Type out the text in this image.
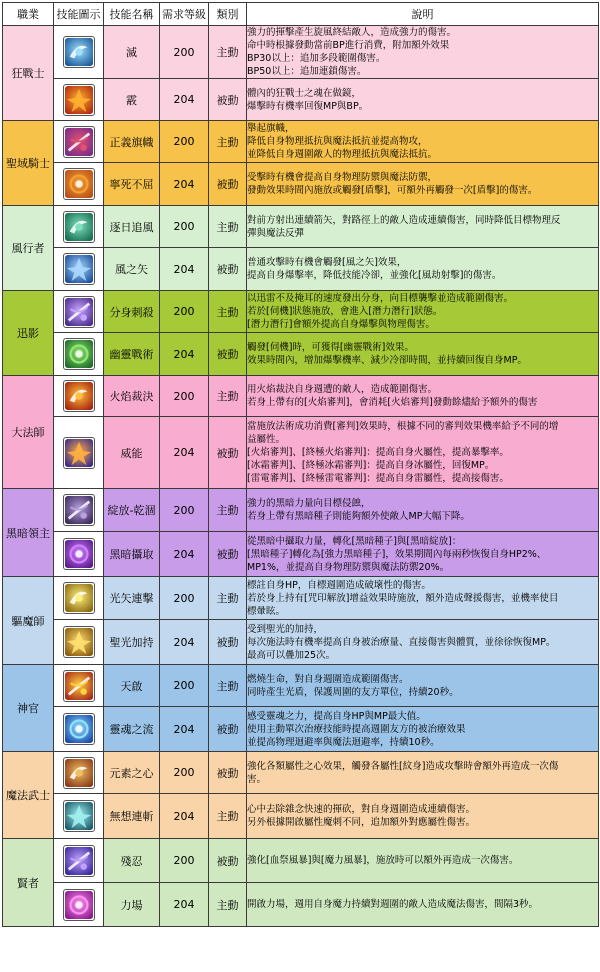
職業	技能圖示	技能名稱	需求等級	類別	說明
狂戰士		滅	200	主動	強力的揮擊產生旋風終結敵人，造成強力的傷害。
命中時根據發動當前BP進行消費，附加額外效果
BP30以上：追加多段範圍傷害。
BP50以上：追加連鎖傷害。

	霰	204	被動	體內的狂戰士之魂在做鏡，
爆擊時有機率回復MP與BP。

聖域騎士		正義旗幟	200	主動	舉起旗幟，
降低自身物理抵抗與魔法抵抗並提高物攻，
並降低自身週圍敵人的物理抵抗與魔法抵抗。

	寧死不屈	204	被動	受擊時有機會提高自身物理防禦與魔法防禦，
發動效果時間內施放或觸發[盾擊]，可額外再觸發一次[盾擊]的傷害。

風行者		逐日追風	200	主動	對前方射出連續箭矢，對路徑上的敵人造成連續傷害，同時降低目標物理反
彈與魔法反彈

	風之矢	204	被動	普通攻擊時有機會觸發[風之矢]效果，
提高自身爆擊率，降低技能冷卻，並強化[風劫射擊]的傷害。

迅影		分身刺殺	200	主動	以迅雷不及掩耳的速度發出分身，向目標襲擊並造成範圍傷害。
若於[伺機]狀態施放，會進入[潛力潛行]狀態。
[潛力潛行]會額外提高自身爆擊與物理傷害。

	幽靈戰術	204	被動	觸發[伺機]時，可獲得[幽靈戰術]效果。
效果時間內，增加爆擊機率、減少冷卻時間，並持續回復自身MP。

大法師		火焰裁決	200	主動	用火焰裁決自身週遭的敵人，造成範圍傷害。
若身上帶有的[火焰審判]，會消耗[火焰審判]發動餘燼給予額外的傷害

	威能	204	被動	當施放法術成功消費[審判]效果時，根據不同的審判效果機率給予不同的增
益屬性。
[火焰審判]、[終極火焰審判]：提高自身火屬性，提高暴擊率。
[冰霜審判]、[終極冰霜審判]：提高自身冰屬性，回復MP。
[雷電審判]、[終極雷電審判]：提高自身雷屬性，提高接傷害。

黑暗領主		綻放-乾涸	200	主動	強力的黑暗力量向目標侵蝕，
若身上帶有黑暗種子則能夠額外使敵人MP大幅下降。

	黑暗攝取	204	被動	從黑暗中攝取力量，轉化[黑暗種子]與[黑暗綻放]：
[黑暗種子]轉化為[強力黑暗種子]，效果期間內每兩秒恢復自身HP2%、
MP1%，並提高自身物理防禦與魔法防禦20%。

驅魔師		光矢連擊	200	主動	標註自身HP，自標週圍造成破壞性的傷害。
若於身上持有[咒印解放]增益效果時施放，額外造成聲援傷害，並機率使目
標暈眩。

	聖光加持	204	被動	受到聖光的加持，
每次施法時有機率提高自身被治療量、直接傷害與體質，並徐徐恢復MP。
最高可以疊加25次。

神官		天啟	200	主動	燃燒生命，對自身週圍造成範圍傷害。
同時產生光盾，保護周圍的友方單位，持續20秒。

	靈魂之流	204	被動	感受靈魂之力，提高自身HP與MP最大值。
使用主動單次治療技能時提高週圍友方的被治療效果
並提高物理迴避率與魔法迴避率，持續10秒。

魔法武士		元素之心	200	被動	強化各類屬性之心效果，觸發各屬性[紋身]造成攻擊時會額外再造成一次傷
害。

	無想連斬	204	主動	心中去除雜念快速的揮砍，對自身週圍造成連續傷害。
另外根據開啟屬性魔刺不同，追加額外對應屬性傷害。

賢者		殘忍	200	被動	強化[血祭風暴]與[魔力風暴]，施放時可以額外再造成一次傷害。

	力場	204	主動	開啟力場，週用自身魔力持續對週圍的敵人造成魔法傷害，間隔3秒。
